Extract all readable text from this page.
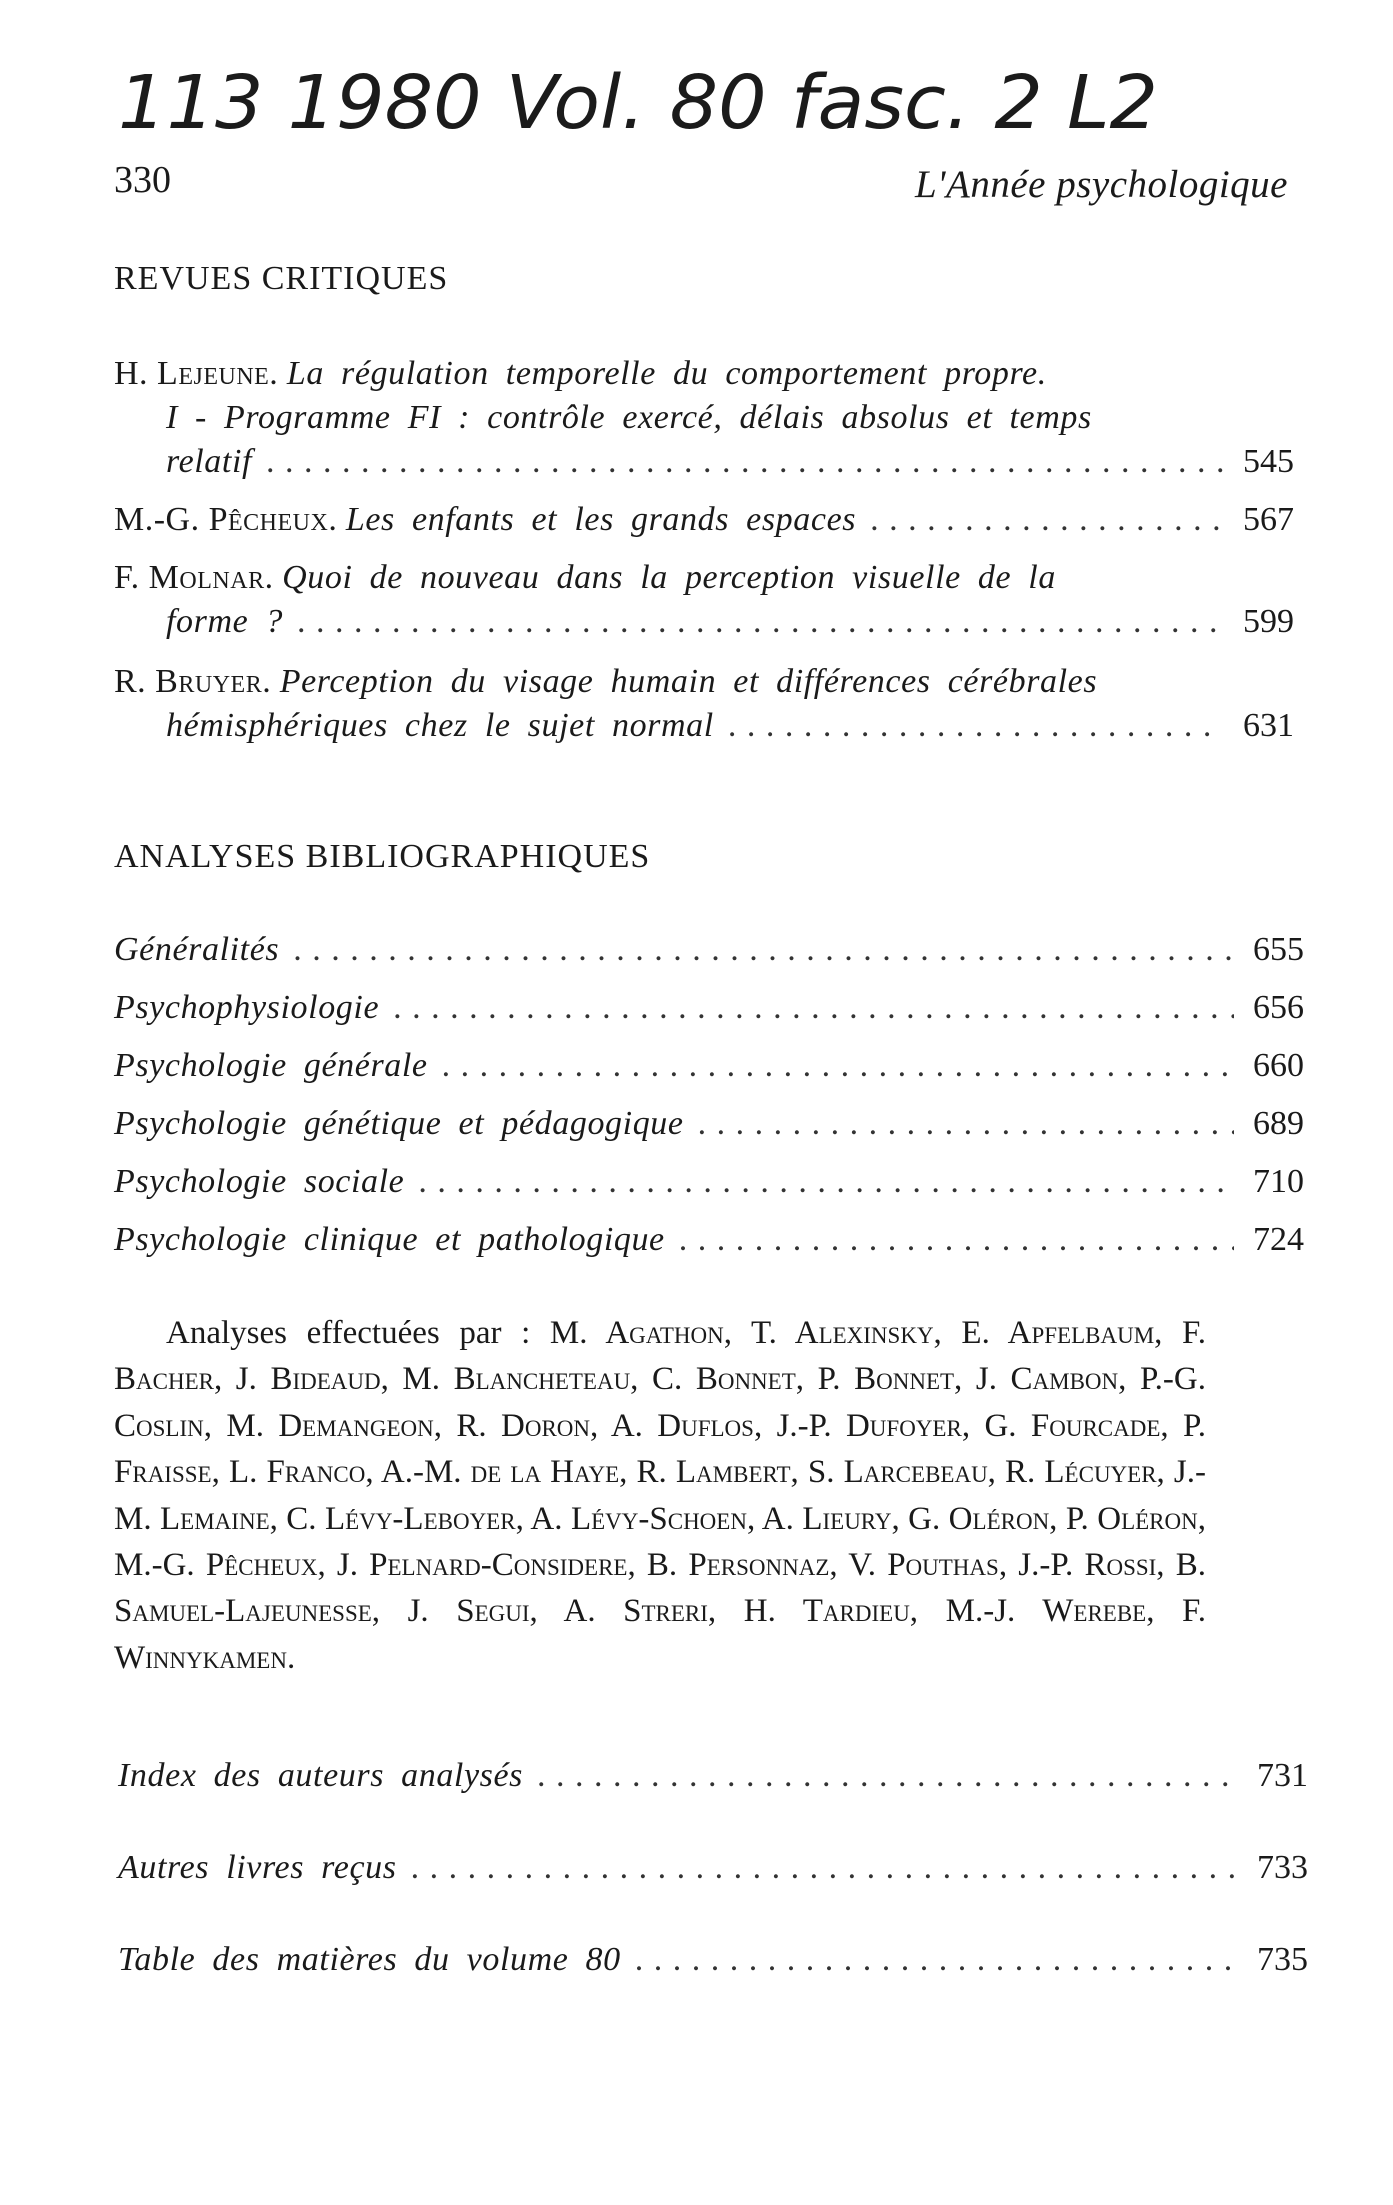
113 1980 Vol. 80 fasc. 2 L2
330	L'Année psychologique
REVUES CRITIQUES
H. Lejeune.
La régulation temporelle du comportement propre.
I - Programme FI : contrôle exercé, délais absolus et temps
relatif . . .	545
M.-G. Pêcheux.
Les enfants et les grands espaces . . .	567
F. Molnar.
Quoi de nouveau dans la perception visuelle de la
forme ? . . .	599
R. Bruyer.
Perception du visage humain et différences cérébrales
hémisphériques chez le sujet normal . . .	631
ANALYSES BIBLIOGRAPHIQUES
Généralités . . .	655
Psychophysiologie . . .	656
Psychologie générale . . .	660
Psychologie génétique et pédagogique . . .	689
Psychologie sociale . . .	710
Psychologie clinique et pathologique . . .	724
Analyses effectuées par : M. Agathon, T. Alexinsky, E. Apfelbaum, F. Bacher, J. Bideaud, M. Blancheteau, C. Bonnet, P. Bonnet, J. Cambon, P.-G. Coslin, M. Demangeon, R. Doron, A. Duflos, J.-P. Dufoyer, G. Fourcade, P. Fraisse, L. Franco, A.-M. de la Haye, R. Lambert, S. Larcebeau, R. Lécuyer, J.-M. Lemaine, C. Lévy-Leboyer, A. Lévy-Schoen, A. Lieury, G. Oléron, P. Oléron, M.-G. Pêcheux, J. Pelnard-Considere, B. Personnaz, V. Pouthas, J.-P. Rossi, B. Samuel-Lajeunesse, J. Segui, A. Streri, H. Tardieu, M.-J. Werebe, F. Winnykamen.
Index des auteurs analysés . . .	731
Autres livres reçus . . .	733
Table des matières du volume 80 . . .	735
